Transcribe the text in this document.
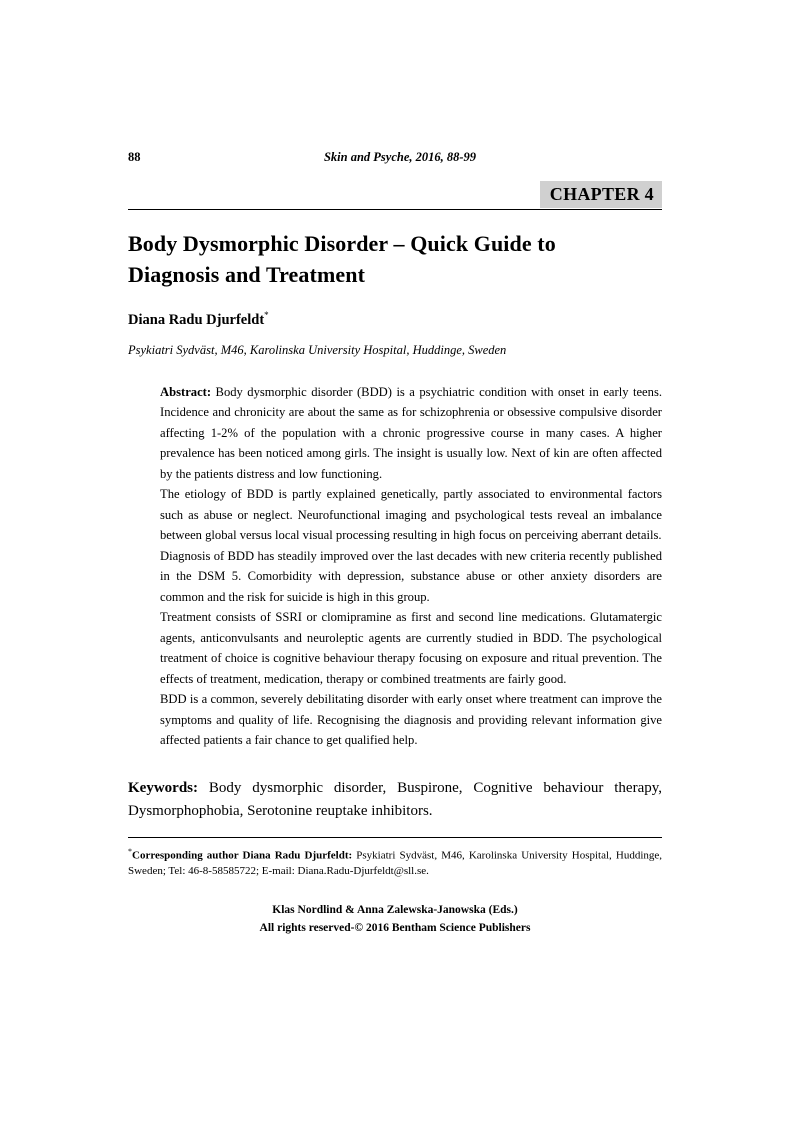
88	Skin and Psyche, 2016, 88-99
CHAPTER 4
Body Dysmorphic Disorder – Quick Guide to
Diagnosis and Treatment
Diana Radu Djurfeldt*
Psykiatri Sydväst, M46, Karolinska University Hospital, Huddinge, Sweden

Abstract: Body dysmorphic disorder (BDD) is a psychiatric condition with onset in early teens. Incidence and chronicity are about the same as for schizophrenia or obsessive compulsive disorder affecting 1-2% of the population with a chronic progressive course in many cases. A higher prevalence has been noticed among girls. The insight is usually low. Next of kin are often affected by the patients distress and low functioning.

The etiology of BDD is partly explained genetically, partly associated to environmental factors such as abuse or neglect. Neurofunctional imaging and psychological tests reveal an imbalance between global versus local visual processing resulting in high focus on perceiving aberrant details.

Diagnosis of BDD has steadily improved over the last decades with new criteria recently published in the DSM 5. Comorbidity with depression, substance abuse or other anxiety disorders are common and the risk for suicide is high in this group.

Treatment consists of SSRI or clomipramine as first and second line medications. Glutamatergic agents, anticonvulsants and neuroleptic agents are currently studied in BDD. The psychological treatment of choice is cognitive behaviour therapy focusing on exposure and ritual prevention. The effects of treatment, medication, therapy or combined treatments are fairly good.

BDD is a common, severely debilitating disorder with early onset where treatment can improve the symptoms and quality of life. Recognising the diagnosis and providing relevant information give affected patients a fair chance to get qualified help.

Keywords: Body dysmorphic disorder, Buspirone, Cognitive behaviour therapy, Dysmorphophobia, Serotonine reuptake inhibitors.
*Corresponding author Diana Radu Djurfeldt: Psykiatri Sydväst, M46, Karolinska University Hospital, Huddinge, Sweden; Tel: 46-8-58585722; E-mail: Diana.Radu-Djurfeldt@sll.se.
Klas Nordlind & Anna Zalewska-Janowska (Eds.)
All rights reserved-© 2016 Bentham Science Publishers
